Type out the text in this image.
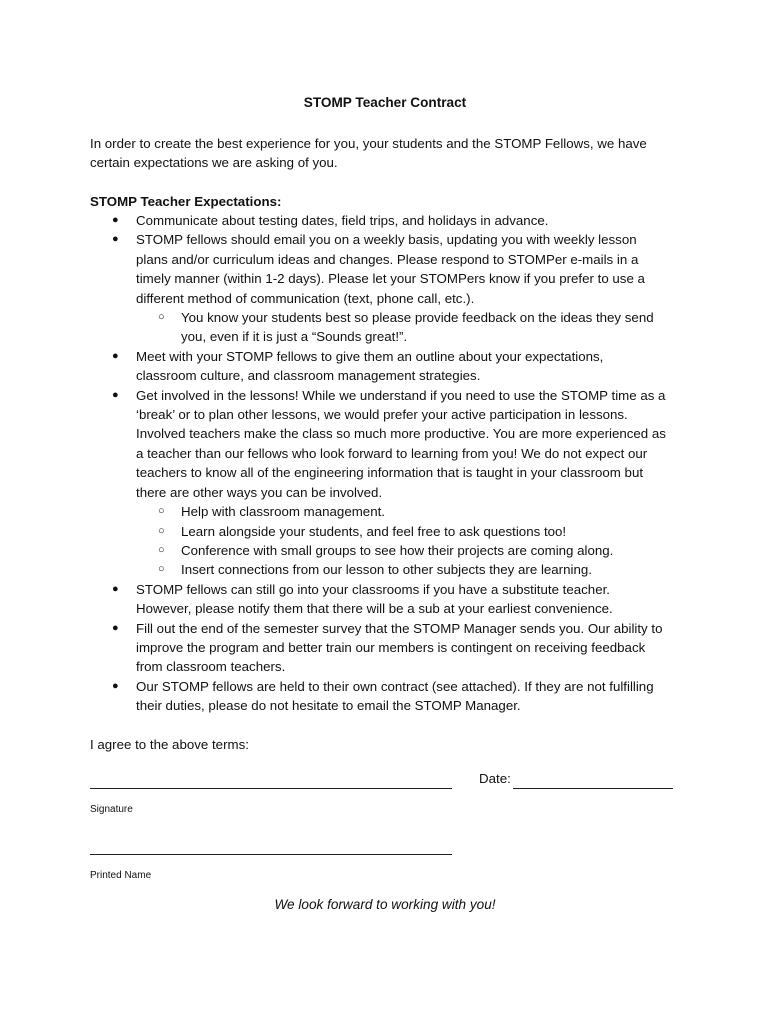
STOMP Teacher Contract
In order to create the best experience for you, your students and the STOMP Fellows, we have certain expectations we are asking of you.
STOMP Teacher Expectations:
● Communicate about testing dates, field trips, and holidays in advance.
● STOMP fellows should email you on a weekly basis, updating you with weekly lesson plans and/or curriculum ideas and changes. Please respond to STOMPer e-mails in a timely manner (within 1-2 days). Please let your STOMPers know if you prefer to use a different method of communication (text, phone call, etc.).
○ You know your students best so please provide feedback on the ideas they send you, even if it is just a “Sounds great!”.
● Meet with your STOMP fellows to give them an outline about your expectations, classroom culture, and classroom management strategies.
● Get involved in the lessons! While we understand if you need to use the STOMP time as a ‘break’ or to plan other lessons, we would prefer your active participation in lessons. Involved teachers make the class so much more productive. You are more experienced as a teacher than our fellows who look forward to learning from you! We do not expect our teachers to know all of the engineering information that is taught in your classroom but there are other ways you can be involved.
○ Help with classroom management.
○ Learn alongside your students, and feel free to ask questions too!
○ Conference with small groups to see how their projects are coming along.
○ Insert connections from our lesson to other subjects they are learning.
● STOMP fellows can still go into your classrooms if you have a substitute teacher. However, please notify them that there will be a sub at your earliest convenience.
● Fill out the end of the semester survey that the STOMP Manager sends you. Our ability to improve the program and better train our members is contingent on receiving feedback from classroom teachers.
● Our STOMP fellows are held to their own contract (see attached). If they are not fulfilling their duties, please do not hesitate to email the STOMP Manager.
I agree to the above terms:
Date:
Signature
Printed Name
We look forward to working with you!
